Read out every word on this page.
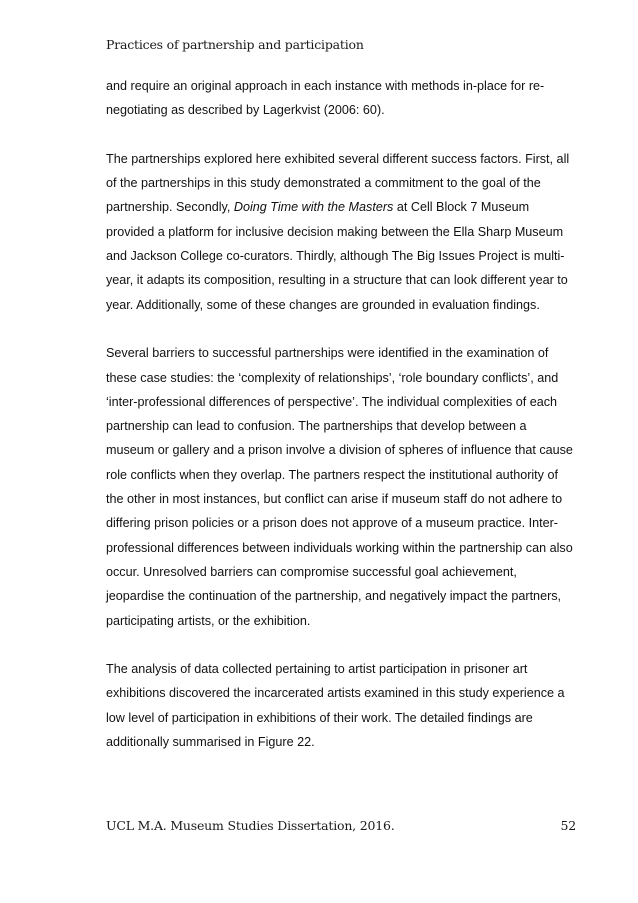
Practices of partnership and participation

and require an original approach in each instance with methods in-place for re-negotiating as described by Lagerkvist (2006: 60).

The partnerships explored here exhibited several different success factors. First, all of the partnerships in this study demonstrated a commitment to the goal of the partnership. Secondly, Doing Time with the Masters at Cell Block 7 Museum provided a platform for inclusive decision making between the Ella Sharp Museum and Jackson College co-curators. Thirdly, although The Big Issues Project is multi-year, it adapts its composition, resulting in a structure that can look different year to year. Additionally, some of these changes are grounded in evaluation findings.

Several barriers to successful partnerships were identified in the examination of these case studies: the ‘complexity of relationships’, ‘role boundary conflicts’, and ‘inter-professional differences of perspective’. The individual complexities of each partnership can lead to confusion. The partnerships that develop between a museum or gallery and a prison involve a division of spheres of influence that cause role conflicts when they overlap. The partners respect the institutional authority of the other in most instances, but conflict can arise if museum staff do not adhere to differing prison policies or a prison does not approve of a museum practice. Inter-professional differences between individuals working within the partnership can also occur. Unresolved barriers can compromise successful goal achievement, jeopardise the continuation of the partnership, and negatively impact the partners, participating artists, or the exhibition.

The analysis of data collected pertaining to artist participation in prisoner art exhibitions discovered the incarcerated artists examined in this study experience a low level of participation in exhibitions of their work. The detailed findings are additionally summarised in Figure 22.

UCL M.A. Museum Studies Dissertation, 2016.	52
